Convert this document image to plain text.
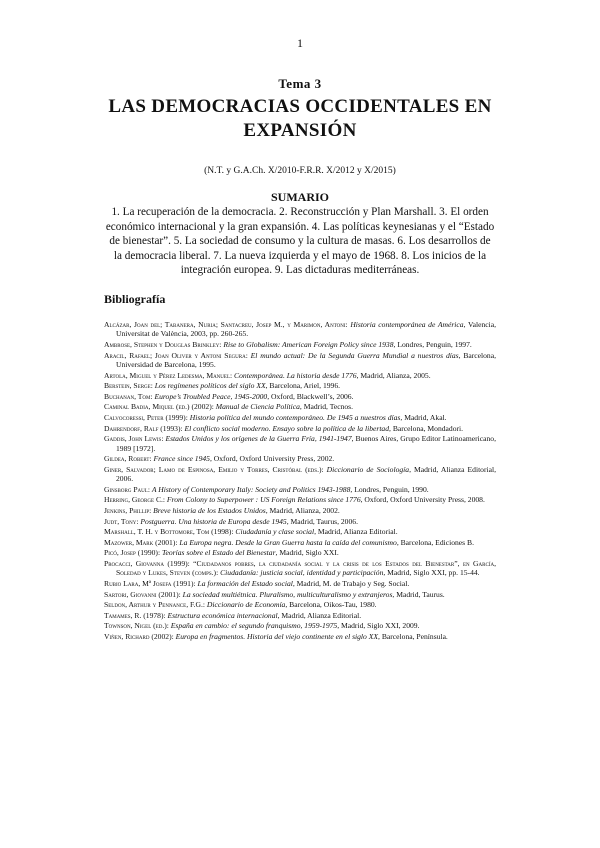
1
Tema 3
LAS DEMOCRACIAS OCCIDENTALES EN EXPANSIÓN
(N.T. y G.A.Ch. X/2010-F.R.R. X/2012 y X/2015)
SUMARIO
1. La recuperación de la democracia. 2. Reconstrucción y Plan Marshall. 3. El orden económico internacional y la gran expansión. 4. Las políticas keynesianas y el “Estado de bienestar”. 5. La sociedad de consumo y la cultura de masas. 6. Los desarrollos de la democracia liberal. 7. La nueva izquierda y el mayo de 1968. 8. Los inicios de la integración europea. 9. Las dictaduras mediterráneas.
Bibliografía
Alcázar, Joan del; Tabanera, Nuria; Santacreu, Josep M., y Marimon, Antoni: Historia contemporánea de América, Valencia, Universitat de València, 2003, pp. 260-265.
Ambrose, Stephen y Douglas Brinkley: Rise to Globalism: American Foreign Policy since 1938, Londres, Penguin, 1997.
Aracil, Rafael; Joan Oliver y Antoni Segura: El mundo actual: De la Segunda Guerra Mundial a nuestros días, Barcelona, Universidad de Barcelona, 1995.
Artola, Miguel y Pérez Ledesma, Manuel: Contemporánea. La historia desde 1776, Madrid, Alianza, 2005.
Berstein, Serge: Los regímenes políticos del siglo XX, Barcelona, Ariel, 1996.
Buchanan, Tom: Europe’s Troubled Peace, 1945-2000, Oxford, Blackwell’s, 2006.
Caminal Badia, Miquel (ed.) (2002): Manual de Ciencia Política, Madrid, Tecnos.
Calvocoressi, Peter (1999): Historia política del mundo contemporáneo. De 1945 a nuestros días, Madrid, Akal.
Dahrendorf, Ralf (1993): El conflicto social moderno. Ensayo sobre la política de la libertad, Barcelona, Mondadori.
Gaddis, John Lewis: Estados Unidos y los orígenes de la Guerra Fría, 1941-1947, Buenos Aires, Grupo Editor Latinoamericano, 1989 [1972].
Gildea, Robert: France since 1945, Oxford, Oxford University Press, 2002.
Giner, Salvador; Lamo de Espinosa, Emilio y Torres, Cristóbal (eds.): Diccionario de Sociología, Madrid, Alianza Editorial, 2006.
Ginsborg Paul: A History of Contemporary Italy: Society and Politics 1943-1988, Londres, Penguin, 1990.
Herring, George C.: From Colony to Superpower : US Foreign Relations since 1776, Oxford, Oxford University Press, 2008.
Jenkins, Phillip: Breve historia de los Estados Unidos, Madrid, Alianza, 2002.
Judt, Tony: Postguerra. Una historia de Europa desde 1945, Madrid, Taurus, 2006.
Marshall, T. H. y Bottomore, Tom (1998): Ciudadanía y clase social, Madrid, Alianza Editorial.
Mazower, Mark (2001): La Europa negra. Desde la Gran Guerra hasta la caída del comunismo, Barcelona, Ediciones B.
Picó, Josep (1990): Teorías sobre el Estado del Bienestar, Madrid, Siglo XXI.
Procacci, Giovanna (1999): “Ciudadanos pobres, la ciudadanía social y la crisis de los Estados del Bienestar”, en García, Soledad y Lukes, Steven (comps.): Ciudadanía: justicia social, identidad y participación, Madrid, Siglo XXI, pp. 15-44.
Rubio Lara, Mª Josefa (1991): La formación del Estado social, Madrid, M. de Trabajo y Seg. Social.
Sartori, Giovanni (2001): La sociedad multiétnica. Pluralismo, multiculturalismo y extranjeros, Madrid, Taurus.
Seldon, Arthur y Pennance, F.G.: Diccionario de Economía, Barcelona, Oikos-Tau, 1980.
Tamames, R. (1978): Estructura económica internacional, Madrid, Alianza Editorial.
Townson, Nigel (ed.): España en cambio: el segundo franquismo, 1959-1975, Madrid, Siglo XXI, 2009.
Viñen, Richard (2002): Europa en fragmentos. Historia del viejo continente en el siglo XX, Barcelona, Península.
